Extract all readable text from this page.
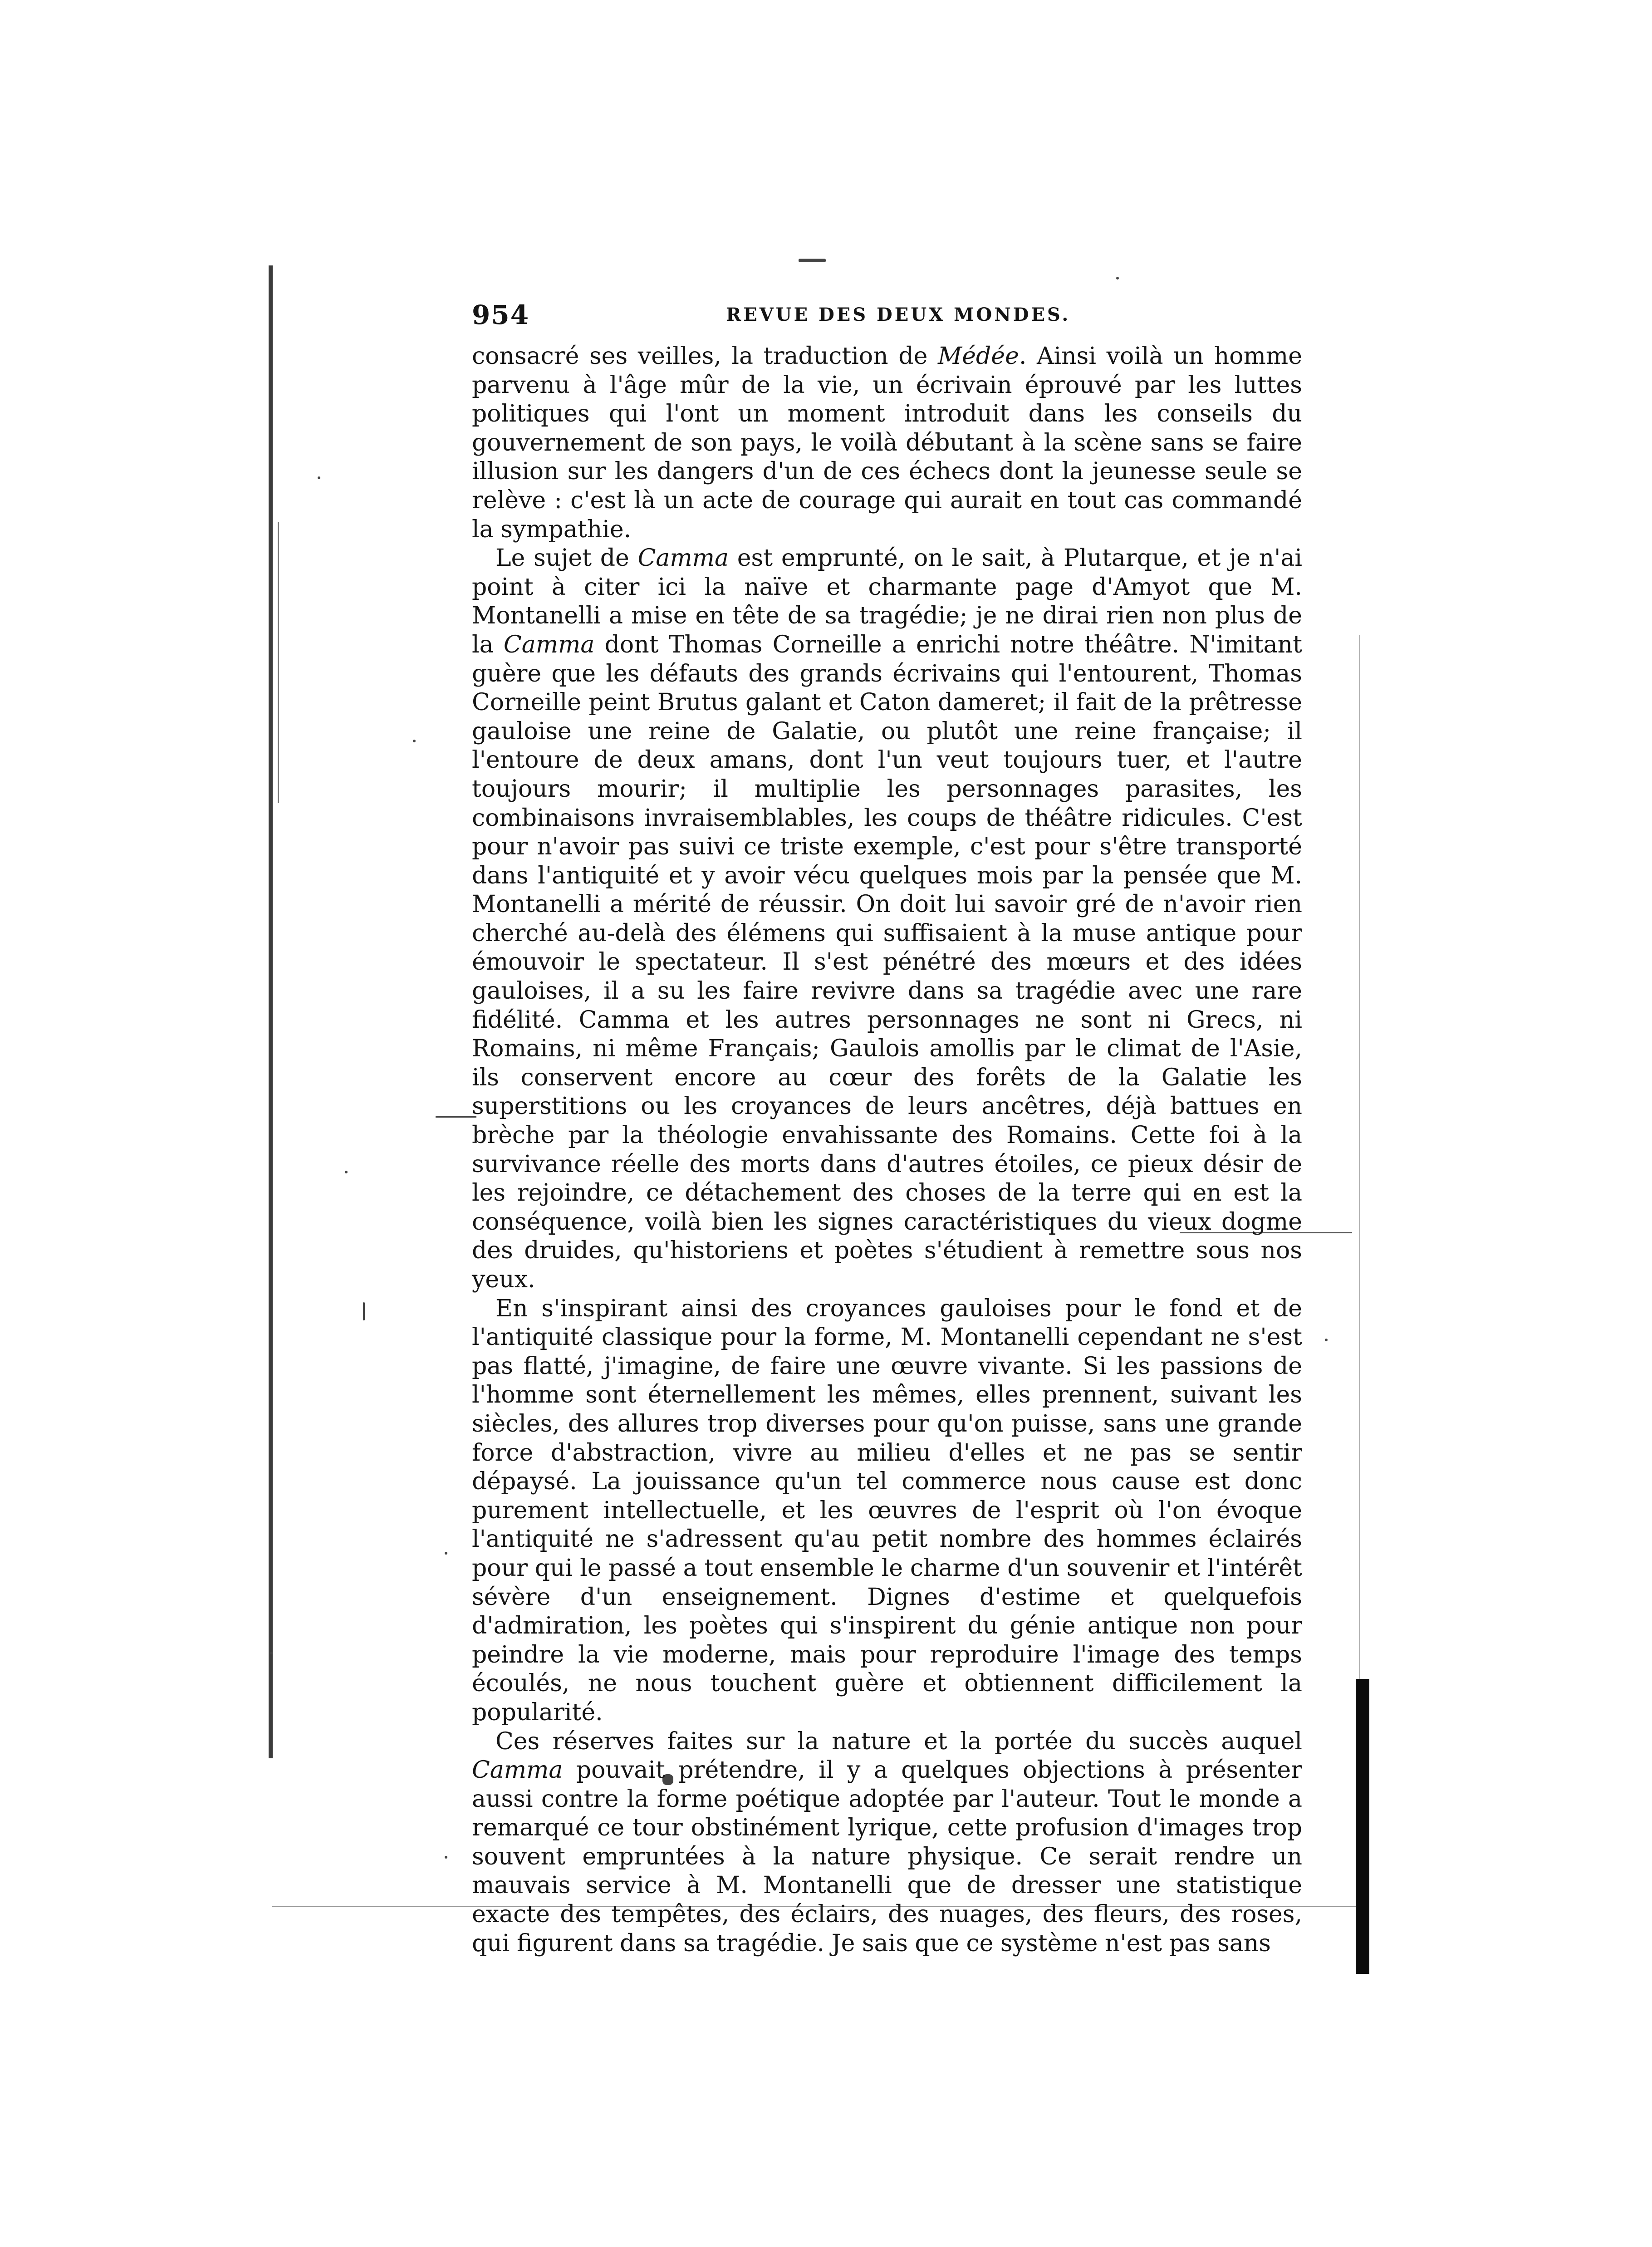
954	REVUE DES DEUX MONDES.

consacré ses veilles, la traduction de Médée. Ainsi voilà un homme parvenu à l'âge mûr de la vie, un écrivain éprouvé par les luttes politiques qui l'ont un moment introduit dans les conseils du gouvernement de son pays, le voilà débutant à la scène sans se faire illusion sur les dangers d'un de ces échecs dont la jeunesse seule se relève : c'est là un acte de courage qui aurait en tout cas commandé la sympathie.

Le sujet de Camma est emprunté, on le sait, à Plutarque, et je n'ai point à citer ici la naïve et charmante page d'Amyot que M. Montanelli a mise en tête de sa tragédie; je ne dirai rien non plus de la Camma dont Thomas Corneille a enrichi notre théâtre. N'imitant guère que les défauts des grands écrivains qui l'entourent, Thomas Corneille peint Brutus galant et Caton dameret; il fait de la prêtresse gauloise une reine de Galatie, ou plutôt une reine française; il l'entoure de deux amans, dont l'un veut toujours tuer, et l'autre toujours mourir; il multiplie les personnages parasites, les combinaisons invraisemblables, les coups de théâtre ridicules. C'est pour n'avoir pas suivi ce triste exemple, c'est pour s'être transporté dans l'antiquité et y avoir vécu quelques mois par la pensée que M. Montanelli a mérité de réussir. On doit lui savoir gré de n'avoir rien cherché au-delà des élémens qui suffisaient à la muse antique pour émouvoir le spectateur. Il s'est pénétré des mœurs et des idées gauloises, il a su les faire revivre dans sa tragédie avec une rare fidélité. Camma et les autres personnages ne sont ni Grecs, ni Romains, ni même Français; Gaulois amollis par le climat de l'Asie, ils conservent encore au cœur des forêts de la Galatie les superstitions ou les croyances de leurs ancêtres, déjà battues en brèche par la théologie envahissante des Romains. Cette foi à la survivance réelle des morts dans d'autres étoiles, ce pieux désir de les rejoindre, ce détachement des choses de la terre qui en est la conséquence, voilà bien les signes caractéristiques du vieux dogme des druides, qu'historiens et poètes s'étudient à remettre sous nos yeux.

En s'inspirant ainsi des croyances gauloises pour le fond et de l'antiquité classique pour la forme, M. Montanelli cependant ne s'est pas flatté, j'imagine, de faire une œuvre vivante. Si les passions de l'homme sont éternellement les mêmes, elles prennent, suivant les siècles, des allures trop diverses pour qu'on puisse, sans une grande force d'abstraction, vivre au milieu d'elles et ne pas se sentir dépaysé. La jouissance qu'un tel commerce nous cause est donc purement intellectuelle, et les œuvres de l'esprit où l'on évoque l'antiquité ne s'adressent qu'au petit nombre des hommes éclairés pour qui le passé a tout ensemble le charme d'un souvenir et l'intérêt sévère d'un enseignement. Dignes d'estime et quelquefois d'admiration, les poètes qui s'inspirent du génie antique non pour peindre la vie moderne, mais pour reproduire l'image des temps écoulés, ne nous touchent guère et obtiennent difficilement la popularité.

Ces réserves faites sur la nature et la portée du succès auquel Camma pouvait prétendre, il y a quelques objections à présenter aussi contre la forme poétique adoptée par l'auteur. Tout le monde a remarqué ce tour obstinément lyrique, cette profusion d'images trop souvent empruntées à la nature physique. Ce serait rendre un mauvais service à M. Montanelli que de dresser une statistique exacte des tempêtes, des éclairs, des nuages, des fleurs, des roses, qui figurent dans sa tragédie. Je sais que ce système n'est pas sans
